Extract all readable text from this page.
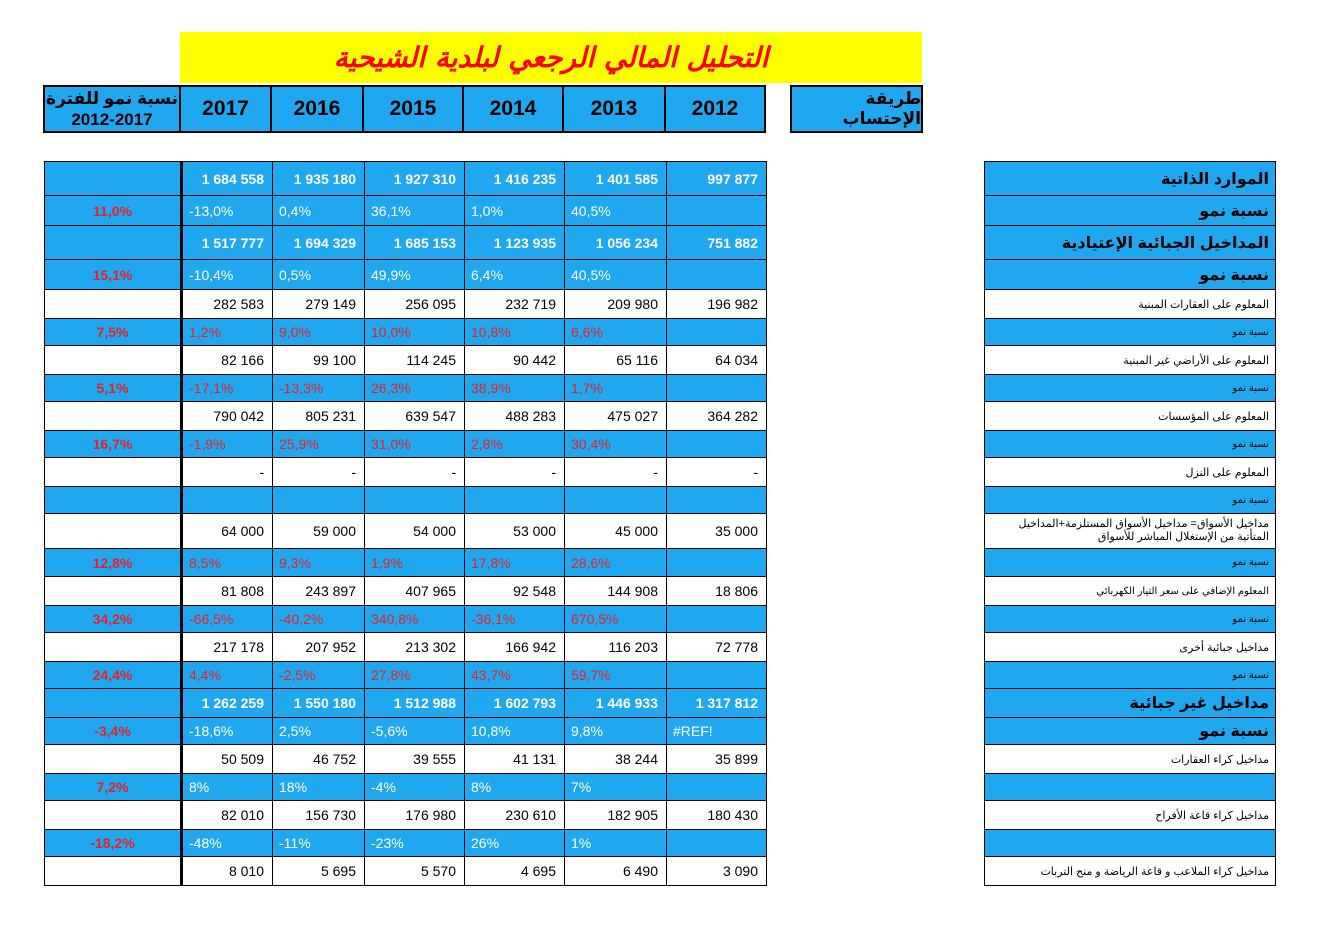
التحليل المالي الرجعي لبلدية الشيحية
نسبة نمو للفترة
2012-2017	2017	2016	2015	2014	2013	2012	طريقة الإحتساب
1 684 558	1 935 180	1 927 310	1 416 235	1 401 585	997 877	الموارد الذاتية
11,0%	-13,0%	0,4%	36,1%	1,0%	40,5%	نسبة نمو
1 517 777	1 694 329	1 685 153	1 123 935	1 056 234	751 882	المداخيل الجبائية الإعتيادية
15,1%	-10,4%	0,5%	49,9%	6,4%	40,5%	نسبة نمو
282 583	279 149	256 095	232 719	209 980	196 982	المعلوم على العقارات المبنية
7,5%	1,2%	9,0%	10,0%	10,8%	6,6%	نسبة نمو
82 166	99 100	114 245	90 442	65 116	64 034	المعلوم على الأراضي غير المبنية
5,1%	-17,1%	-13,3%	26,3%	38,9%	1,7%	نسبة نمو
790 042	805 231	639 547	488 283	475 027	364 282	المعلوم على المؤسسات
16,7%	-1,9%	25,9%	31,0%	2,8%	30,4%	نسبة نمو
-	-	-	-	-	-	المعلوم على النزل
نسبة نمو
64 000	59 000	54 000	53 000	45 000	35 000	مداخيل الأسواق= مداخيل الأسواق المستلزمة+المداخيل المتأتية من الإستغلال المباشر للأسواق
12,8%	8,5%	9,3%	1,9%	17,8%	28,6%	نسبة نمو
81 808	243 897	407 965	92 548	144 908	18 806	المعلوم الإضافي على سعر التيار الكهربائي
34,2%	-66,5%	-40,2%	340,8%	-36,1%	670,5%	نسبة نمو
217 178	207 952	213 302	166 942	116 203	72 778	مداخيل جبائية أخرى
24,4%	4,4%	-2,5%	27,8%	43,7%	59,7%	نسبة نمو
1 262 259	1 550 180	1 512 988	1 602 793	1 446 933	1 317 812	مداخيل غير جبائية
-3,4%	-18,6%	2,5%	-5,6%	10,8%	9,8%	#REF!	نسبة نمو
50 509	46 752	39 555	41 131	38 244	35 899	مداخيل كراء العقارات
7,2%	8%	18%	-4%	8%	7%
82 010	156 730	176 980	230 610	182 905	180 430	مداخيل كراء قاعة الأفراح
-18,2%	-48%	-11%	-23%	26%	1%
8 010	5 695	5 570	4 695	6 490	3 090	مداخيل كراء الملاعب و قاعة الرياضة و منح التربات
